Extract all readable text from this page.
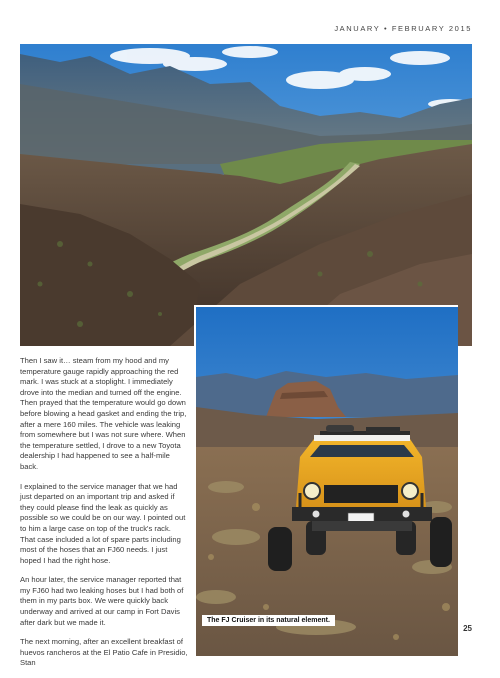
JANUARY • FEBRUARY 2015

Then I saw it… steam from my hood and my temperature gauge rapidly approaching the red mark. I was stuck at a stoplight. I immediately drove into the median and turned off the engine. Then prayed that the temperature would go down before blowing a head gasket and ending the trip, after a mere 160 miles. The vehicle was leaking from somewhere but I was not sure where. When the temperature settled, I drove to a new Toyota dealership I had happened to see a half-mile back.

I explained to the service manager that we had just departed on an important trip and asked if they could please find the leak as quickly as possible so we could be on our way. I pointed out to him a large case on top of the truck's rack. That case included a lot of spare parts including most of the hoses that an FJ60 needs. I just hoped I had the right hose.

An hour later, the service manager reported that my FJ60 had two leaking hoses but I had both of them in my parts box. We were quickly back underway and arrived at our camp in Fort Davis after dark but we made it.

The next morning, after an excellent breakfast of huevos rancheros at the El Patio Cafe in Presidio, Stan

The FJ Cruiser in its natural element.
25
